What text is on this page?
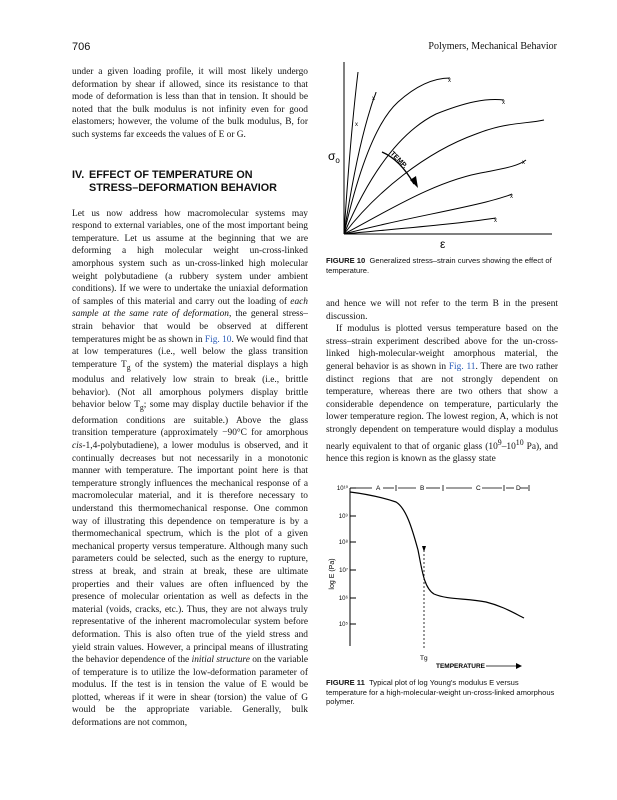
706	Polymers, Mechanical Behavior

under a given loading profile, it will most likely undergo deformation by shear if allowed, since its resistance to that mode of deformation is less than that in tension. It should be noted that the bulk modulus is not infinity even for good elastomers; however, the volume of the bulk modulus, B, for such systems far exceeds the values of E or G.

IV. EFFECT OF TEMPERATURE ON
STRESS–DEFORMATION BEHAVIOR

Let us now address how macromolecular systems may respond to external variables, one of the most important being temperature. Let us assume at the beginning that we are deforming a high molecular weight un-cross-linked amorphous system such as un-cross-linked high molecular weight polybutadiene (a rubbery system under ambient conditions). If we were to undertake the uniaxial deformation of samples of this material and carry out the loading of each sample at the same rate of deformation, the general stress–strain behavior that would be observed at different temperatures might be as shown in Fig. 10. We would find that at low temperatures (i.e., well below the glass transition temperature $T_g$ of the system) the material displays a high modulus and relatively low strain to break (i.e., brittle behavior). (Not all amorphous polymers display brittle behavior below $T_g$; some may display ductile behavior if the deformation conditions are suitable.) Above the glass transition temperature (approximately −90°C for amorphous cis-1,4-polybutadiene), a lower modulus is observed, and it continually decreases but not necessarily in a monotonic manner with temperature. The important point here is that temperature strongly influences the mechanical response of a macromolecular material, and it is therefore necessary to understand this thermomechanical response. One common way of illustrating this dependence on temperature is by a thermomechanical spectrum, which is the plot of a given mechanical property versus temperature. Although many such parameters could be selected, such as the energy to rupture, stress at break, and strain at break, these are ultimate properties and their values are often influenced by the presence of molecular orientation as well as defects in the material (voids, cracks, etc.). Thus, they are not always truly representative of the inherent macromolecular system before deformation. This is also often true of the yield stress and yield strain values. However, a principal means of illustrating the behavior dependence of the initial structure on the variable of temperature is to utilize the low-deformation parameter of modulus. If the test is in tension the value of E would be plotted, whereas if it were in shear (torsion) the value of G would be the appropriate variable. Generally, bulk deformations are not common,

x
x
x
x
x
x
x
TEMP.
$\sigma_o$
ε
FIGURE 10 Generalized stress–strain curves showing the effect of temperature.

and hence we will not refer to the term B in the present discussion.

If modulus is plotted versus temperature based on the stress–strain experiment described above for the un-cross-linked high-molecular-weight amorphous material, the general behavior is as shown in Fig. 11. There are two rather distinct regions that are not strongly dependent on temperature, whereas there are two others that show a considerable dependence on temperature, particularly the lower temperature region. The lowest region, A, which is not strongly dependent on temperature would display a modulus nearly equivalent to that of organic glass ($10^9-10^{10}$ Pa), and hence this region is known as the glassy state

10¹⁰
10⁹
10⁸
10⁷
10⁶
10⁵
log E (Pa)
A	B	C	D
Tg
TEMPERATURE
FIGURE 11 Typical plot of log Young's modulus E versus temperature for a high-molecular-weight un-cross-linked amorphous polymer.
